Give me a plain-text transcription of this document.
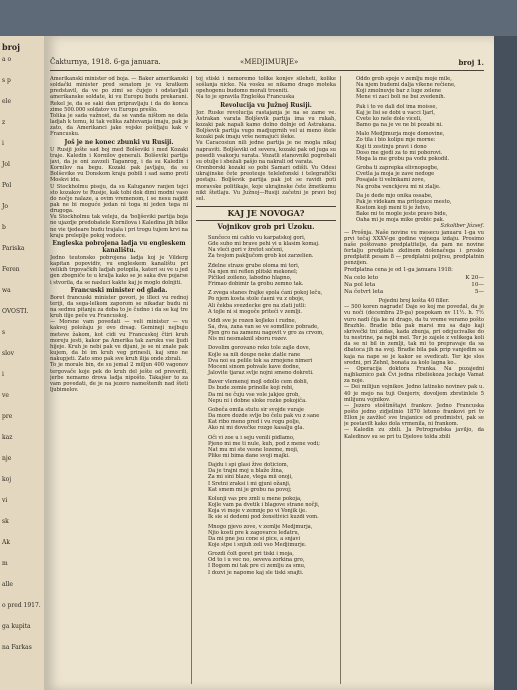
broj
a o
s p
ele
z
i
Jol
Pol
Jo
b
Pariska
Feren
wa
OVOSTI.
s
slov
i
ve
pre
kaz
nje
koj
vi
sk
Ak
m
alle
o pred 1917.
ga kupita
na Farkas
Čakturnya, 1918. 6-ga januara.	«MEDJIMURJE»	broj 1.

Amerikanski minister od boja. — Baker amerikanski soldački minister pred senatom je vu kratkem predstavil, da ve po zimi se čujejo i odstavljali amerikanske soldate, ki vu Europu budu prekarani. Rekel je, da se saki dan pripravljaju i da do konca zime 500.000 soldatov vu Europu prešlo.

Tolika je sada važnost, da se vanda ništom ne dela ladjah k temu, ki tak velika zahtevanja imaju, pak je zato, da Amerikanci jake vojske pošiljaju kak v Francusku.

Još je ne konec zbunki vu Rusiji.

U Rusiji jošte sad boj med Bolševiki i med Kozaki traje. Kaledin i Kornilov generali. Bolševiki partija javi, da je oni zavzeli Taganrog, i da su Kaledin i Kornilov na begu. Kozaki pak javljaju, da su Bolševike vu Donskom kraju pobili i sad samo proti Moskvi idu.

U Stockholmu piseju, da su Kaluganov ranjen tejci sto kozakov te Rusije, kak tobi dok dimi modni vaso do nočje nalaze, a ovim vremenom, i se nesu najdit pak ne bi moguće jedan ni toga ni jeden tega ni drugoga.

Vu Stockholmu tak veleju, da 'boljševiki partija boja ne ujazdje predobatele Kornilova i Kaledina jih bilke ne vie tjedeare budu trajala i pri trogu tujem krvi na kraju preleplje pokoj vodoce.

Engleska pobrojena ladja vu engleskem kanalištu.

Jedno teutonsko pobrojena ladja koj je Vilderg kapitan popovidiv, vu engleskem kanalištu pri velikih trgovačkih ladjah potopila, kateri su ve u jed gen zbogniče te u kralja kako se je saka dve pojarse i stvorila, da se nasluci kakte kaj je moglo dolnjiti.

Francuski minister od glada.

Boret francuski minister govori, je illeci vu rednoj teriji, da sega-lelkom zaporom se nikadar budu ni na sedmu pitanju za doba to je čudno i da se kaj tre kruh ilije peče vu Francuskoj.

— Morsne vam povedati — veli minister — vu kakvoj položaju je ovo drsag. Gemineji nejbuju meteve žakom, kot cidi vu Francuskoj čtiri kruh moreju jesti, kakor pa Amerika tak zaruku vse ljudi hijeje. Kruh je nebi pak ve dijani, je se ni znale pak kujem, da bi im kruh veg prinesli, kaj smo ne nakupjeti. Zato smo pak sve kruh ilija onde zbrali.

To je morale bin, de su jemal 2 miljun 400 vagonov tergovače koje pek do kruh del ješte od preverili, jerbe nemamo drova ladja nipošto. Takajšer to za vam povedati, de je na jezero nameštenih nad šteti ljubimelov.

toj stiski i nemoremo tolike konjev sileheti, kolike sošlanja nicke. Na vosku se nikamo drago moteka opehogenu budomo morali trosniti.

Na to je spravila Engleška Francuska

Revolucija vu Južnoj Rusiji.

Jor. Ruske revolucija rastajanja je na se zame ve. Astrakan varata Boljševik partija ima vu rukah, kozaki pak napali kamo dolno dolnje od Astrakana. Boljševik partija vugo madjuprnih vel ui meno štele kozaki pak imaju vrše nemajući išeke.

Vu Caracosiun nili jedne partija je ne mogla nikaj napraviti. Boljševiki od severa, kozaki pak od juga su posedli vsakorju varata. Vozatli stanovniki pogrebali su otulje i sbežali pašjo na nakrali od varata.

Orenborski kozaki so pobi Samari odišli. Vu Odesi ukrajinske čete preoteuje telelefonski i telegrafički postaju. Boljševik partija pak jot se ravidi poti moravske politikaje, koje ukrajinske čete žmetkumu nikt štetlaju. Vu Južnoj—Rusiji začetni je pravi boj sel.

KAJ JE NOVOGA?
Vojnikov grob pri Uzoku.

Sunčeco mi cahlo vu karpatskoj gori,

Gde suho mi brave pehi vi u klasim komaj.

Na vleći gori v žretot sočeni,

Za tvojom paključom grob koi zarzelien.

Zdelne straze grube oloma mi tori,

Na njen mi reflen plitski mekonel;

Pičikel zoileno, labodno hlapno,

Frimao dobimir ta grobu zemno tak.

Z zvega stanes frajke spola ćani pokoj leču,

Po njem kosta stole ćaeni vu z oboje,

Ali čekba svezdecke gre na zlati jutli:

A tojle ni si mogoče priteći v zemlji.

Oddi sve je rozen kojleko i rudne,

Sa, dva, zana van se ve somdlice pobrade,

Pjen gro na zamenu nagovit v gro za crvom,

Nis mi nesmaknil sboru rozev.

Dovolim gorovano reko tole zajle dove,

Kojle sa nili doupe neke zlatle rane

Dva noi su pelile tok sa zrnojene nimeri

Moceni sinom pohvale kave dodne,

Jalovite tjaraz svlje nojni smeno dokreti.

Baver vlemenoj mojl odollo cem dobli,

Ds bude zemie prinolle koji rebi,

Da mi ne čuju vse vole jakjee grob,

Nepu ni i dobne sloke rozke pokojiča.

Gobeča omila stutu sir svojde vuraje

Da more dozde svlje bo čelu pak vu z sane

Kat ribo meno pred i vu rogu polje,

Ako ni mi dovečke rozge kasalju gla.

Oči vi zoe u i seju venili pidlamo,

Pjeno mi me ti nule, kuh, pod z mene vodi;

Nat mu mi ste vesne lozeme, moji,

Plike mi bima dane svoji majki.

Dajdu i spi glasi žive doticiom,

Da je trajni moj u blaže žina,

Za mi sini blaze, vlega mii onoji,

I Sretni zraksi i mi gjuni ožanji,

Kat smem mi je grobu na povoj;

Kolunji vas pre zmli u mene pokoja,

Kojle vam pa dvetik i blagove strane nočji,

Koja vi moje v zemnje po vi Vonjik ije.

Ik sie si dedemi pod žensitivici kuzdi vom.

Mnogo pjevo zove, v zemlje Medjmurja,

Njio kosti pre k zagovarce leđatru,

Da mi pne jsu cone si pice, a snjavi

Koje stpe i snjuh zeli vso Medjimurje.

Grozdi čolt goret pri tiski i moja,

Od to i u vec no, oeveva zorkina gro,

I Bogom mi tak pre ci zemlju za smu,

I dozvi je napome kaj sle tiski snajti.

Oddo grob spoje v zemlju moje mile,

Na njem budemi dalja vikene rečiene,

Koji zmolnuvje bar z luge zelene

Mene vi zaci boli ne bui zvedenih.

Pak i to ve dali dol ima moisse,

Kaj je lisi se dobi u vacci Ijarl,

Cvete ko nele dole viceli,

Bamo ga na je ve ne bi pozabi ni.

Malo Medjimurja moje domovine,

Zo tila i bio kolipu mje morne:

Koji ti zestinju pravi i dono

Doso me gjedi za to mi poborovi.

Moga la me grobu pa vodu pokodil.

Groba ti zaprepka elivnopogbe,

Cvetla ja moja je zave nedoge

Posajale ti velmkami zove,

Na groba venckjevu mi ni zlalje.

Da je dede mjo onika ossabe,

Pak je videkam ma pritoguce mesto,

Kostom koji meni ti je žetvo,

Bake mi te mogle jeste pravo bide,

Oaha mi je moja mike grobic pak.

Szkoliber József.

— Prošnja. Naše novine vu mesecu januaru 1-ga vu prvi tečaj XXXV-ge godine vojnega izdaju. Prosimo naše poštovano predplatitelje, da pam ne novine fertalju predplatu zkdinem dolenačega i prosko predplatit pesam 8 — predplatni poljrsu, predplatnin penzijen.

Predplatna cena je od 1-ga januara 1918:

Na celo leto	K 20—
Na pol leta	10—
Na četvrt leta	5—

Pojedni broj košta 40 filler.

— 500 koren nagrade! Daje so koj me povedal, da je vu noči (decembra 29-ga) pospokam nv 11½. h. 7½ vuro nadi čija ke ni drago, da tu vreme veramo pošto Brazhle. Bradie bila pak marsi mu sa dajo kaji skrivečki tni zidas, kada zbunja, pri odcjucivalke do tu nestrine, pa nejbi mel. Ter je zajele z velikega koli da se ni bil in zemlji, tak mi to prepravaje da sa dbatoca jih na svoj. Bradie bila pak prip vanjedim sa kaja na nape se je kakor se svedicati. Ter kje slos sredni, pri Zehnl, bonata za kolo lagna ko..

— Operacija doktora Franka. Na pozajedni najblaznico pak Čvi jedna ribeliekoza jeckaje Vamat za noje.

— Dei milijun vojnikov. Jedno latinsko novinev pak u. 40 je mejo na tuji Osnjeriv, dovoljem zbrstinlele 5 milijunu vojnikov.

— Jezero stoštinštajvi frankov. Jedno Francuska pošto jedno zidjelinio 1870 letono frankovi pri tv Ellon je zavžleč sve trajanice od predmistvi, pak se je postavilt kako dola vrmenila, ni frankom.

— Kaledin zu zbili. Ja Petrogradska javiljo, da Kaledinov su se pri tu Djelove tolda zbili
